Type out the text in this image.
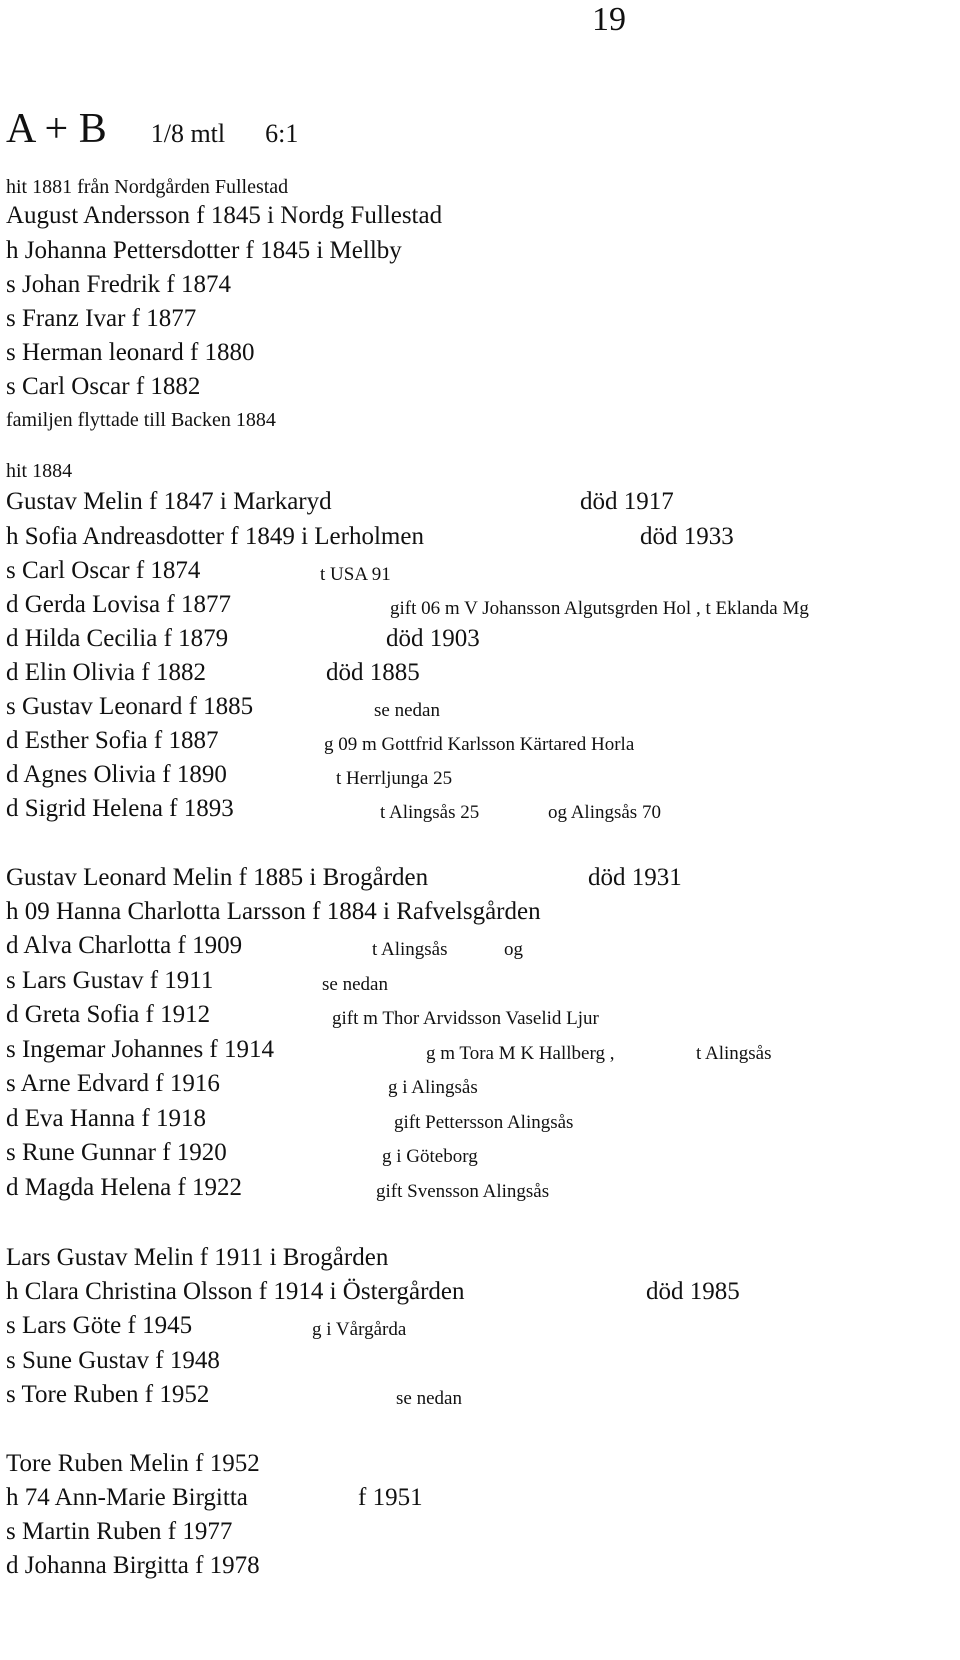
19
A + B 1/8 mtl 6:1
hit 1881 från Nordgården Fullestad
August Andersson f 1845 i Nordg Fullestad
h Johanna Pettersdotter f 1845 i Mellby
s Johan Fredrik f 1874
s Franz Ivar f 1877
s Herman leonard f 1880
s Carl Oscar f 1882
familjen flyttade till Backen 1884
hit 1884
Gustav Melin f 1847 i Markaryd	död 1917
h Sofia Andreasdotter f 1849 i Lerholmen	död 1933
s Carl Oscar f 1874	t USA 91
d Gerda Lovisa f 1877	gift 06 m V Johansson Algutsgrden Hol , t Eklanda Mg
d Hilda Cecilia f 1879	död 1903
d Elin Olivia f 1882	död 1885
s Gustav Leonard f 1885	se nedan
d Esther Sofia f 1887	g 09 m Gottfrid Karlsson Kärtared Horla
d Agnes Olivia f 1890	t Herrljunga 25
d Sigrid Helena f 1893	t Alingsås 25	og Alingsås 70
Gustav Leonard Melin f 1885 i Brogården	död 1931
h 09 Hanna Charlotta Larsson f 1884 i Rafvelsgården
d Alva Charlotta f 1909	t Alingsås	og
s Lars Gustav f 1911	se nedan
d Greta Sofia f 1912	gift m Thor Arvidsson Vaselid Ljur
s Ingemar Johannes f 1914	g m Tora M K Hallberg ,	t Alingsås
s Arne Edvard f 1916	g i Alingsås
d Eva Hanna f 1918	gift Pettersson Alingsås
s Rune Gunnar f 1920	g i Göteborg
d Magda Helena f 1922	gift Svensson Alingsås
Lars Gustav Melin f 1911 i Brogården
h Clara Christina Olsson f 1914 i Östergården	död 1985
s Lars Göte f 1945	g i Vårgårda
s Sune Gustav f 1948
s Tore Ruben f 1952	se nedan
Tore Ruben Melin f 1952
h 74 Ann-Marie Birgitta	f 1951
s Martin Ruben f 1977
d Johanna Birgitta f 1978
